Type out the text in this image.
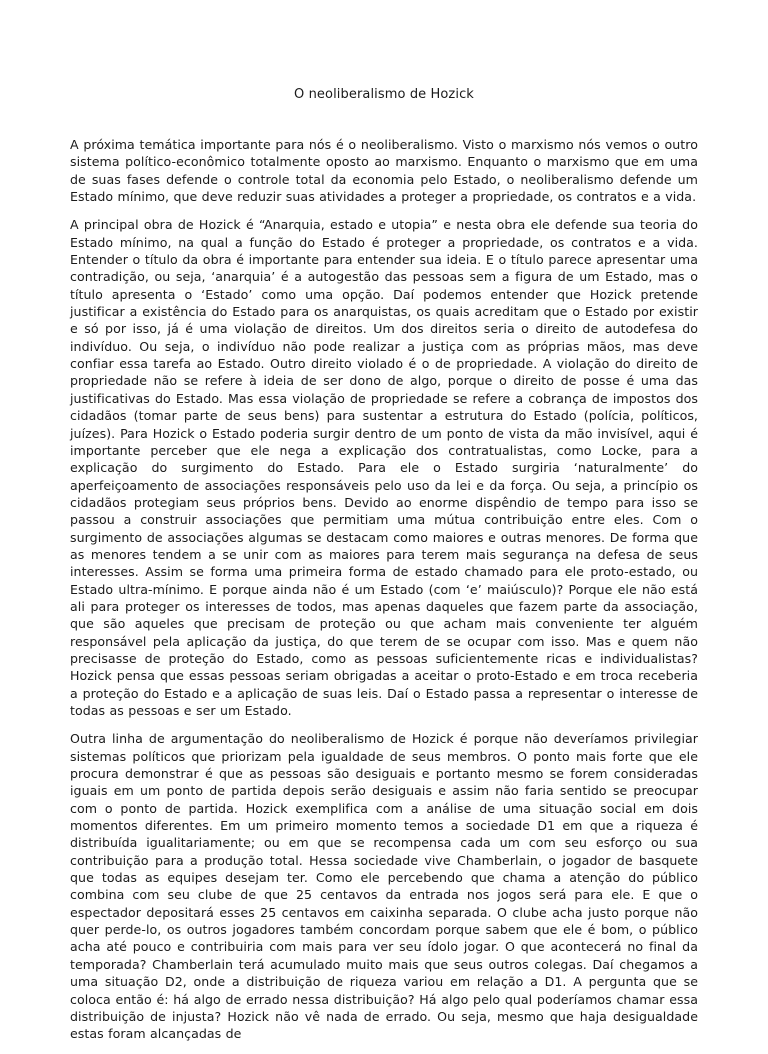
O neoliberalismo de Hozick

A próxima temática importante para nós é o neoliberalismo. Visto o marxismo nós vemos o outro sistema político-econômico totalmente oposto ao marxismo. Enquanto o marxismo que em uma de suas fases defende o controle total da economia pelo Estado, o neoliberalismo defende um Estado mínimo, que deve reduzir suas atividades a proteger a propriedade, os contratos e a vida.

A principal obra de Hozick é “Anarquia, estado e utopia” e nesta obra ele defende sua teoria do Estado mínimo, na qual a função do Estado é proteger a propriedade, os contratos e a vida. Entender o título da obra é importante para entender sua ideia. E o título parece apresentar uma contradição, ou seja, ‘anarquia’ é a autogestão das pessoas sem a figura de um Estado, mas o título apresenta o ‘Estado’ como uma opção. Daí podemos entender que Hozick pretende justificar a existência do Estado para os anarquistas, os quais acreditam que o Estado por existir e só por isso, já é uma violação de direitos. Um dos direitos seria o direito de autodefesa do indivíduo. Ou seja, o indivíduo não pode realizar a justiça com as próprias mãos, mas deve confiar essa tarefa ao Estado. Outro direito violado é o de propriedade. A violação do direito de propriedade não se refere à ideia de ser dono de algo, porque o direito de posse é uma das justificativas do Estado. Mas essa violação de propriedade se refere a cobrança de impostos dos cidadãos (tomar parte de seus bens) para sustentar a estrutura do Estado (polícia, políticos, juízes). Para Hozick o Estado poderia surgir dentro de um ponto de vista da mão invisível, aqui é importante perceber que ele nega a explicação dos contratualistas, como Locke, para a explicação do surgimento do Estado. Para ele o Estado surgiria ‘naturalmente’ do aperfeiçoamento de associações responsáveis pelo uso da lei e da força. Ou seja, a princípio os cidadãos protegiam seus próprios bens. Devido ao enorme dispêndio de tempo para isso se passou a construir associações que permitiam uma mútua contribuição entre eles. Com o surgimento de associações algumas se destacam como maiores e outras menores. De forma que as menores tendem a se unir com as maiores para terem mais segurança na defesa de seus interesses. Assim se forma uma primeira forma de estado chamado para ele proto-estado, ou Estado ultra-mínimo. E porque ainda não é um Estado (com ‘e’ maiúsculo)? Porque ele não está ali para proteger os interesses de todos, mas apenas daqueles que fazem parte da associação, que são aqueles que precisam de proteção ou que acham mais conveniente ter alguém responsável pela aplicação da justiça, do que terem de se ocupar com isso. Mas e quem não precisasse de proteção do Estado, como as pessoas suficientemente ricas e individualistas? Hozick pensa que essas pessoas seriam obrigadas a aceitar o proto-Estado e em troca receberia a proteção do Estado e a aplicação de suas leis. Daí o Estado passa a representar o interesse de todas as pessoas e ser um Estado.

Outra linha de argumentação do neoliberalismo de Hozick é porque não deveríamos privilegiar sistemas políticos que priorizam pela igualdade de seus membros. O ponto mais forte que ele procura demonstrar é que as pessoas são desiguais e portanto mesmo se forem consideradas iguais em um ponto de partida depois serão desiguais e assim não faria sentido se preocupar com o ponto de partida. Hozick exemplifica com a análise de uma situação social em dois momentos diferentes. Em um primeiro momento temos a sociedade D1 em que a riqueza é distribuída igualitariamente; ou em que se recompensa cada um com seu esforço ou sua contribuição para a produção total. Hessa sociedade vive Chamberlain, o jogador de basquete que todas as equipes desejam ter. Como ele percebendo que chama a atenção do público combina com seu clube de que 25 centavos da entrada nos jogos será para ele. E que o espectador depositará esses 25 centavos em caixinha separada. O clube acha justo porque não quer perde-lo, os outros jogadores também concordam porque sabem que ele é bom, o público acha até pouco e contribuiria com mais para ver seu ídolo jogar. O que acontecerá no final da temporada? Chamberlain terá acumulado muito mais que seus outros colegas. Daí chegamos a uma situação D2, onde a distribuição de riqueza variou em relação a D1. A pergunta que se coloca então é: há algo de errado nessa distribuição? Há algo pelo qual poderíamos chamar essa distribuição de injusta? Hozick não vê nada de errado. Ou seja, mesmo que haja desigualdade estas foram alcançadas de
